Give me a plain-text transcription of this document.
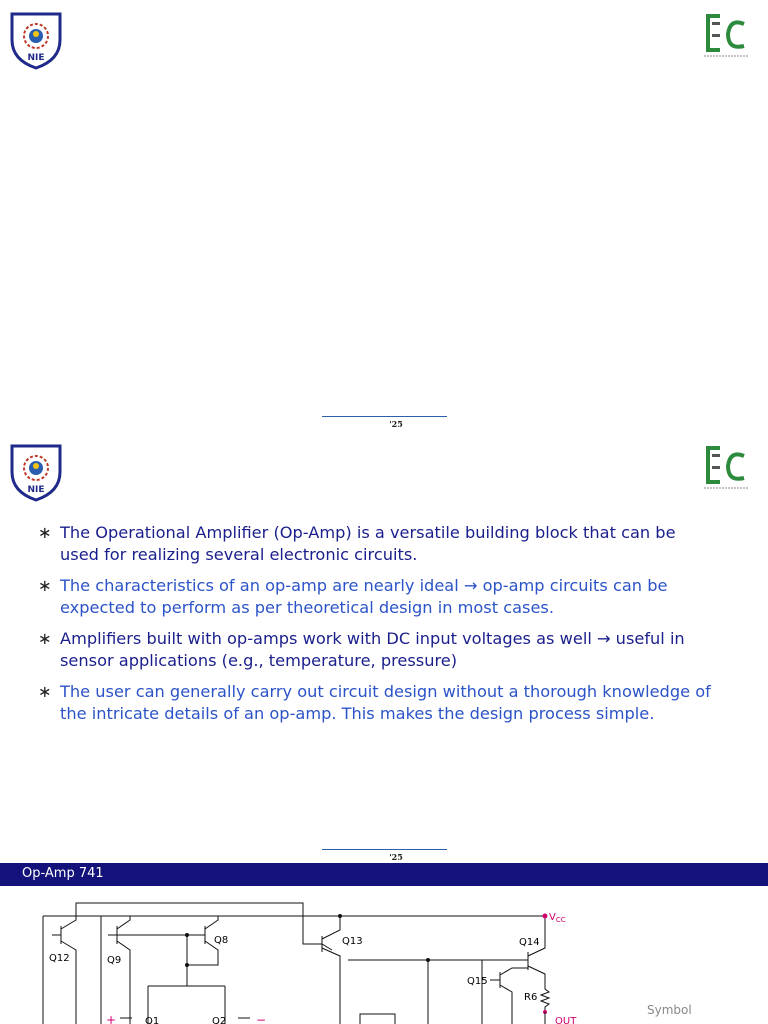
NIE
'25
NIE
'25
∗ The Operational Amplifier (Op-Amp) is a versatile building block that can be used for realizing several electronic circuits.
∗ The characteristics of an op-amp are nearly ideal → op-amp circuits can be expected to perform as per theoretical design in most cases.
∗ Amplifiers built with op-amps work with DC input voltages as well → useful in sensor applications (e.g., temperature, pressure)
∗ The user can generally carry out circuit design without a thorough knowledge of the intricate details of an op-amp. This makes the design process simple.
Op-Amp 741
Q12	Q9
Q8	Q13	Q14
Q15
R6
Q1	Q2
$V_{CC}$
OUT
+	−
Symbol
